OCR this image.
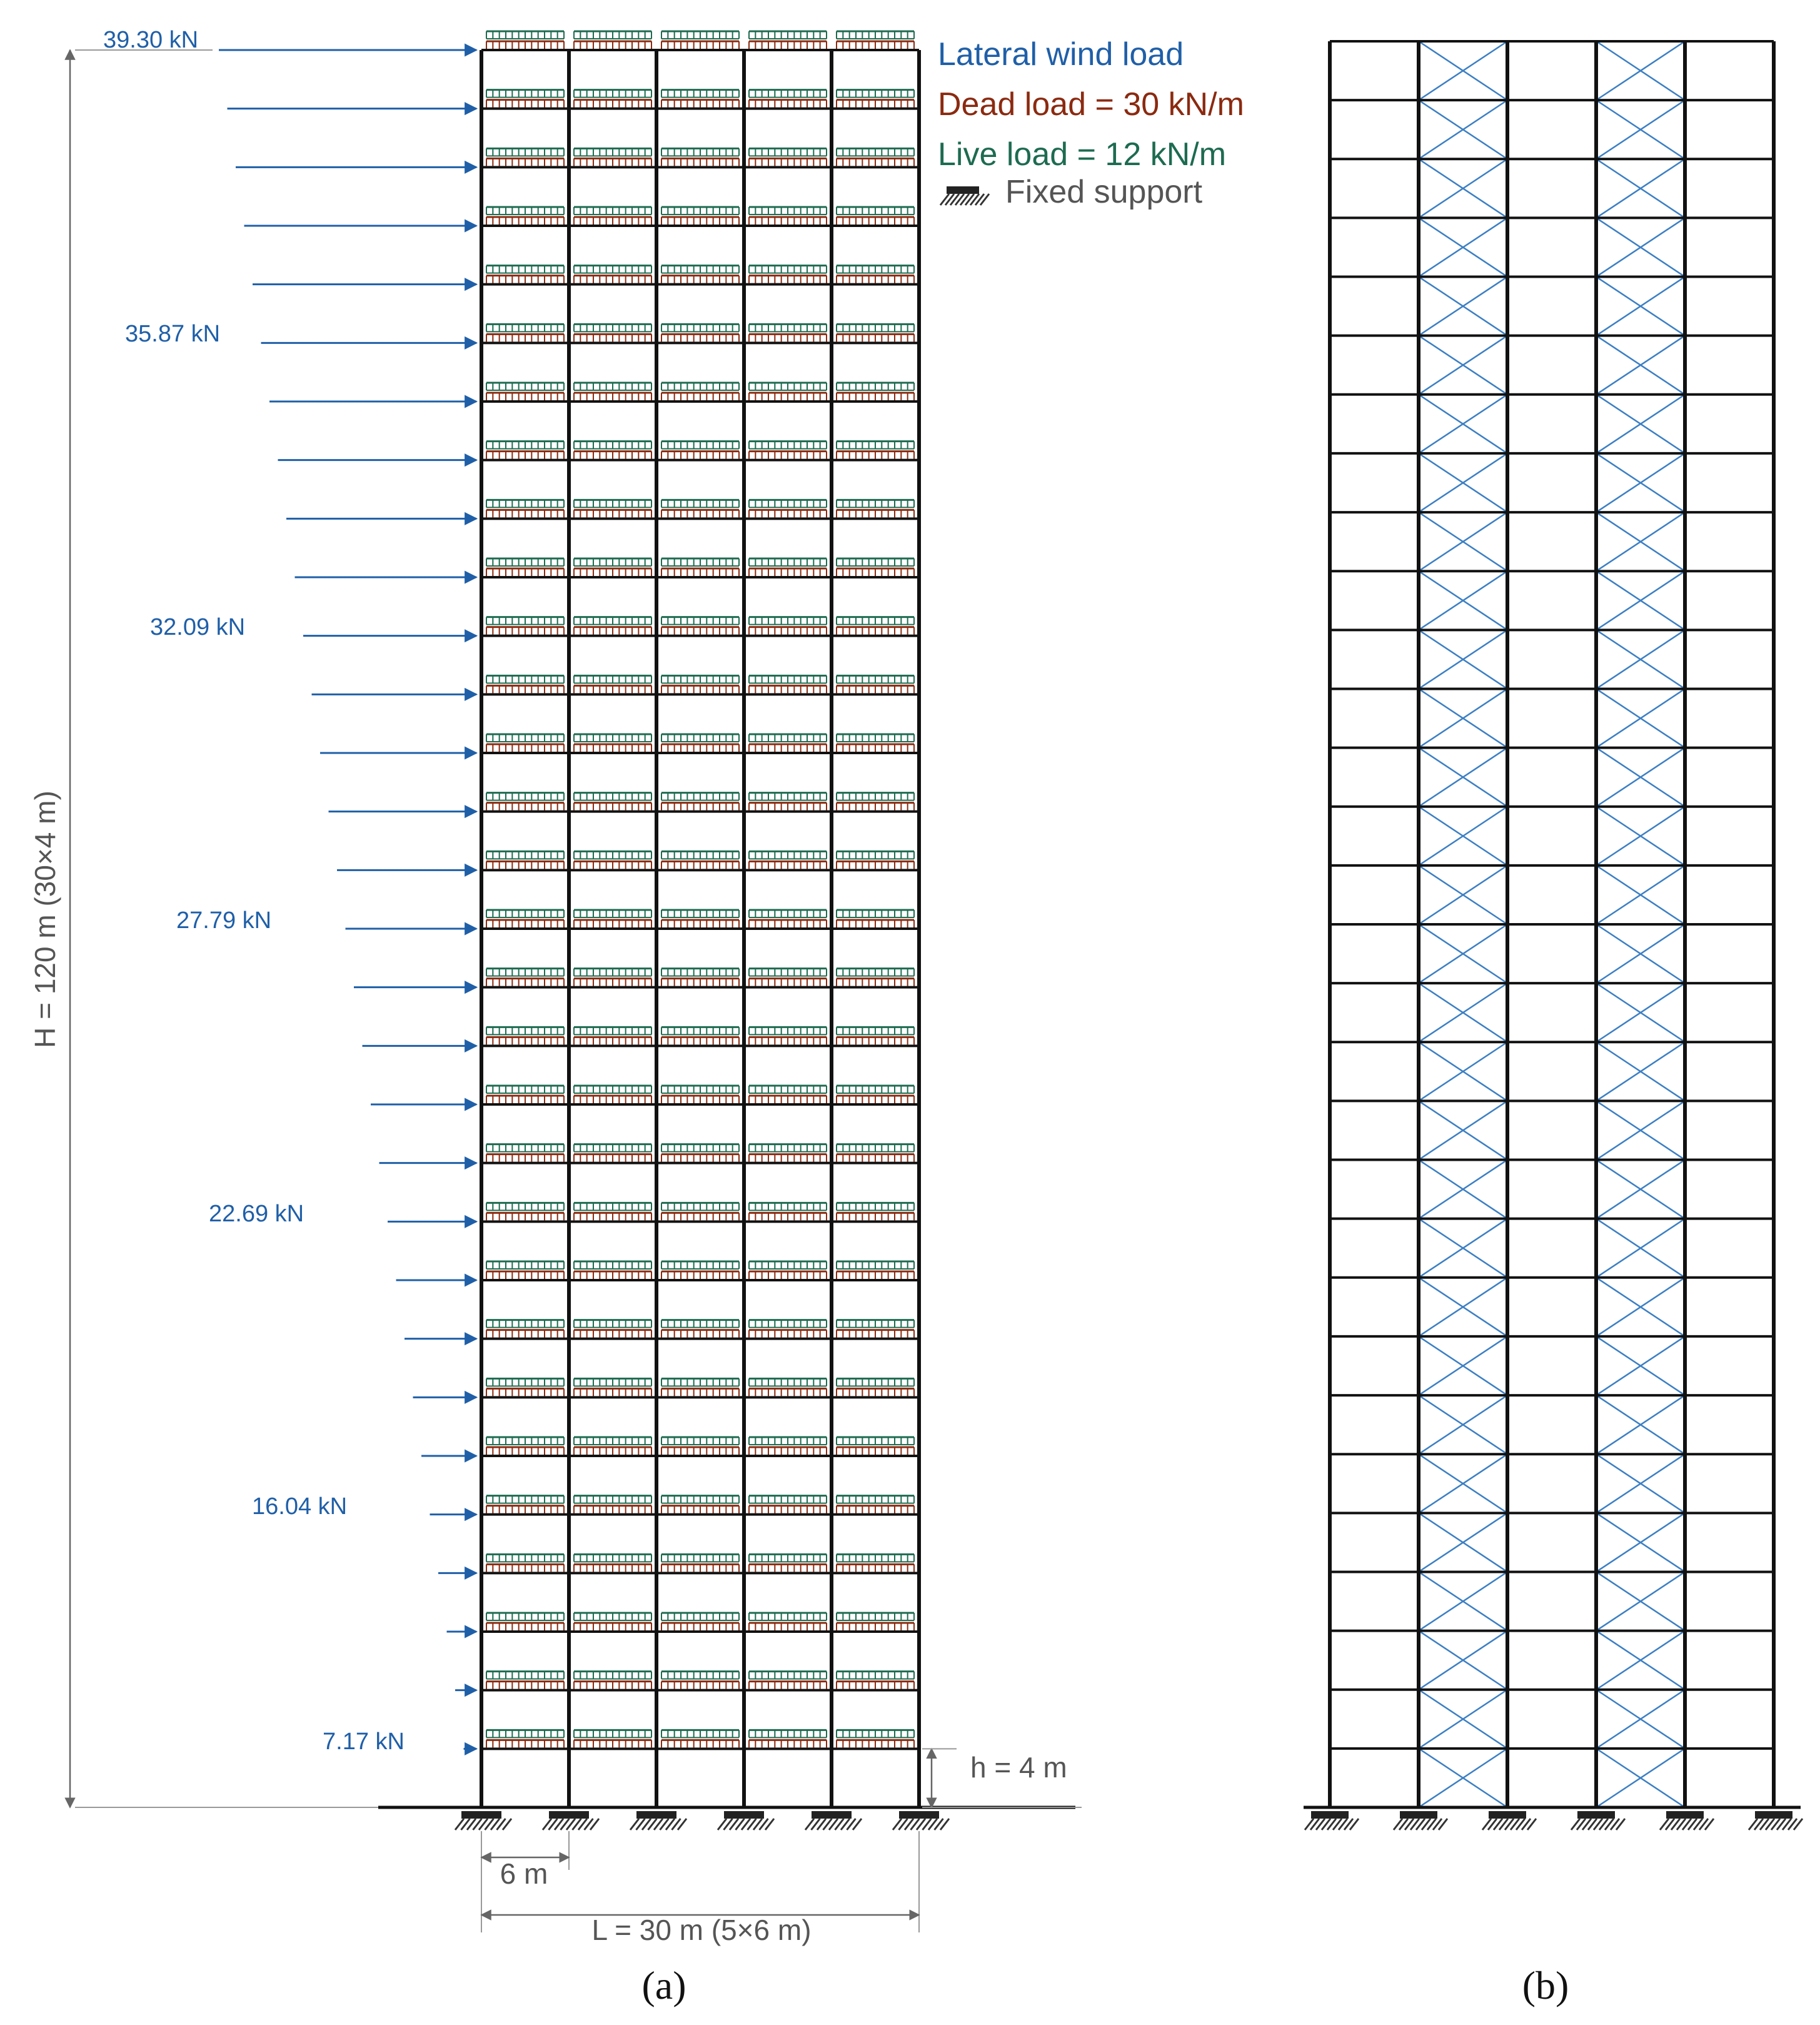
39.30 kN
35.87 kN
32.09 kN
27.79 kN
22.69 kN
16.04 kN
7.17 kN
Lateral wind load
Dead load = 30 kN/m
Live load = 12 kN/m
Fixed support
H = 120 m (30×4 m)
h = 4 m
6 m
L = 30 m (5×6 m)
(a)	(b)
